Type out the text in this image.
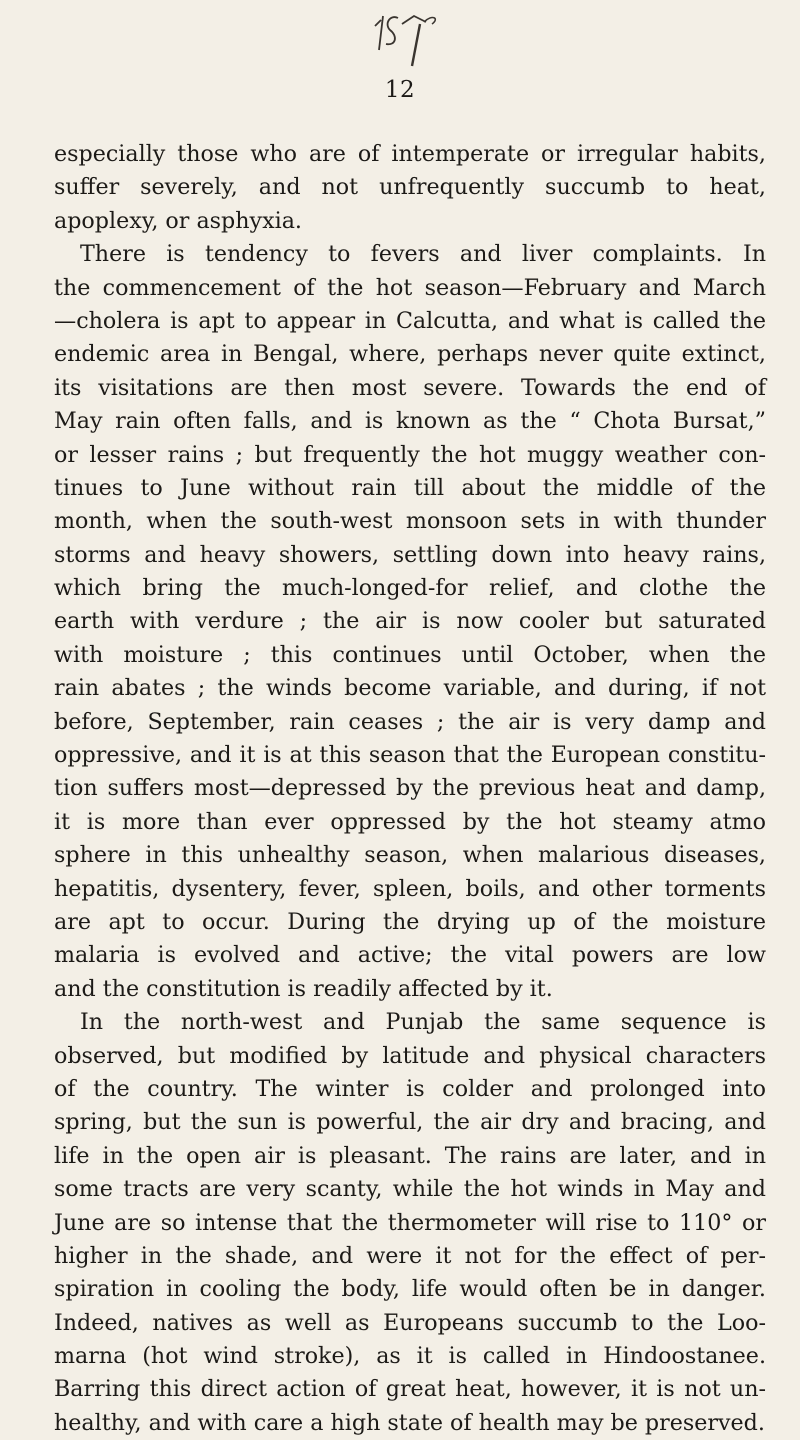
12
especially those who are of intemperate or irregular habits,
suffer severely, and not unfrequently succumb to heat,
apoplexy, or asphyxia.
There is tendency to fevers and liver complaints. In
the commencement of the hot season—February and March
—cholera is apt to appear in Calcutta, and what is called the
endemic area in Bengal, where, perhaps never quite extinct,
its visitations are then most severe. Towards the end of
May rain often falls, and is known as the “ Chota Bursat,”
or lesser rains ; but frequently the hot muggy weather con-
tinues to June without rain till about the middle of the
month, when the south-west monsoon sets in with thunder
storms and heavy showers, settling down into heavy rains,
which bring the much-longed-for relief, and clothe the
earth with verdure ; the air is now cooler but saturated
with moisture ; this continues until October, when the
rain abates ; the winds become variable, and during, if not
before, September, rain ceases ; the air is very damp and
oppressive, and it is at this season that the European constitu-
tion suffers most—depressed by the previous heat and damp,
it is more than ever oppressed by the hot steamy atmo
sphere in this unhealthy season, when malarious diseases,
hepatitis, dysentery, fever, spleen, boils, and other torments
are apt to occur. During the drying up of the moisture
malaria is evolved and active; the vital powers are low
and the constitution is readily affected by it.
In the north-west and Punjab the same sequence is
observed, but modified by latitude and physical characters
of the country. The winter is colder and prolonged into
spring, but the sun is powerful, the air dry and bracing, and
life in the open air is pleasant. The rains are later, and in
some tracts are very scanty, while the hot winds in May and
June are so intense that the thermometer will rise to 110° or
higher in the shade, and were it not for the effect of per-
spiration in cooling the body, life would often be in danger.
Indeed, natives as well as Europeans succumb to the Loo-
marna (hot wind stroke), as it is called in Hindoostanee.
Barring this direct action of great heat, however, it is not un-
healthy, and with care a high state of health may be preserved.
